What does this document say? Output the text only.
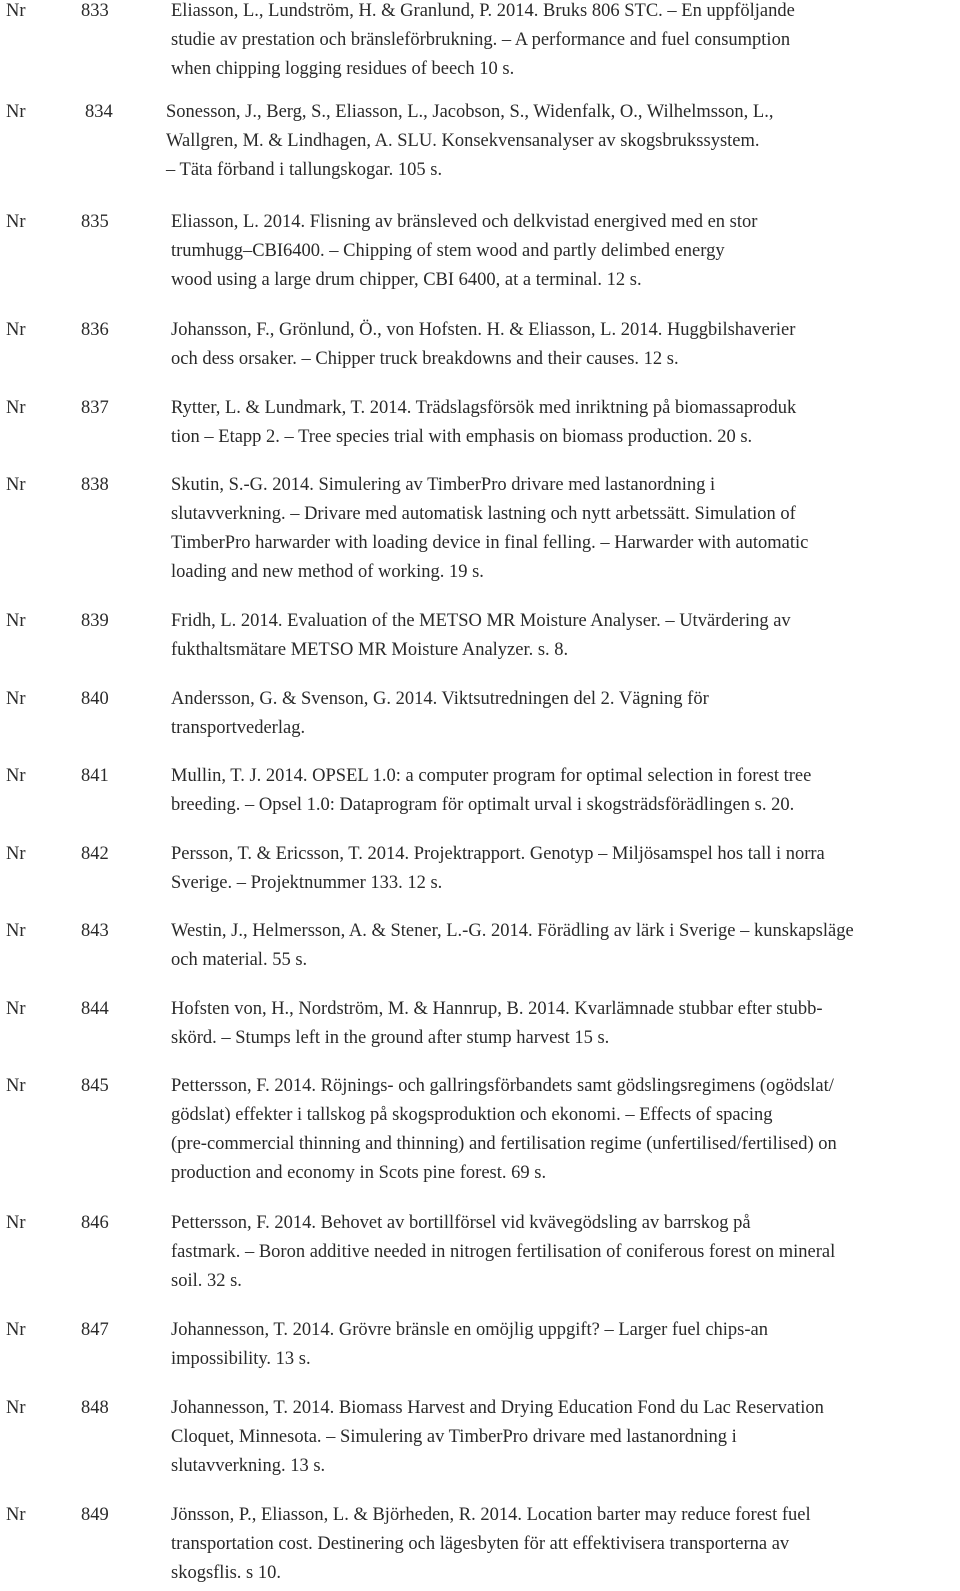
Nr	833	Eliasson, L., Lundström, H. & Granlund, P. 2014. Bruks 806 STC. – En uppföljande
studie av prestation och bränsleförbrukning. – A performance and fuel consumption
when chipping logging residues of beech 10 s.
Nr	834	Sonesson, J., Berg, S., Eliasson, L., Jacobson, S., Widenfalk, O., Wilhelmsson, L.,
Wallgren, M. & Lindhagen, A. SLU. Konsekvensanalyser av skogsbrukssystem.
– Täta förband i tallungskogar. 105 s.
Nr	835	Eliasson, L. 2014. Flisning av bränsleved och delkvistad energived med en stor
trumhugg–CBI6400. – Chipping of stem wood and partly delimbed energy
wood using a large drum chipper, CBI 6400, at a terminal. 12 s.
Nr	836	Johansson, F., Grönlund, Ö., von Hofsten. H. & Eliasson, L. 2014. Huggbilshaverier
och dess orsaker. – Chipper truck breakdowns and their causes. 12 s.
Nr	837	Rytter, L. & Lundmark, T. 2014. Trädslagsförsök med inriktning på biomassaproduk
tion – Etapp 2. – Tree species trial with emphasis on biomass production. 20 s.
Nr	838	Skutin, S.-G. 2014. Simulering av TimberPro drivare med lastanordning i
slutavverkning. – Drivare med automatisk lastning och nytt arbetssätt. Simulation of
TimberPro harwarder with loading device in final felling. – Harwarder with automatic
loading and new method of working. 19 s.
Nr	839	Fridh, L. 2014. Evaluation of the METSO MR Moisture Analyser. – Utvärdering av
fukthaltsmätare METSO MR Moisture Analyzer. s. 8.
Nr	840	Andersson, G. & Svenson, G. 2014. Viktsutredningen del 2. Vägning för
transportvederlag.
Nr	841	Mullin, T. J. 2014. OPSEL 1.0: a computer program for optimal selection in forest tree
breeding. – Opsel 1.0: Dataprogram för optimalt urval i skogsträdsförädlingen s. 20.
Nr	842	Persson, T. & Ericsson, T. 2014. Projektrapport. Genotyp – Miljösamspel hos tall i norra
Sverige. – Projektnummer 133. 12 s.
Nr	843	Westin, J., Helmersson, A. & Stener, L.-G. 2014. Förädling av lärk i Sverige – kunskapsläge
och material. 55 s.
Nr	844	Hofsten von, H., Nordström, M. & Hannrup, B. 2014. Kvarlämnade stubbar efter stubb-
skörd. – Stumps left in the ground after stump harvest 15 s.
Nr	845	Pettersson, F. 2014. Röjnings- och gallringsförbandets samt gödslingsregimens (ogödslat/
gödslat) effekter i tallskog på skogsproduktion och ekonomi. – Effects of spacing
(pre-commercial thinning and thinning) and fertilisation regime (unfertilised/fertilised) on
production and economy in Scots pine forest. 69 s.
Nr	846	Pettersson, F. 2014. Behovet av bortillförsel vid kvävegödsling av barrskog på
fastmark. – Boron additive needed in nitrogen fertilisation of coniferous forest on mineral
soil. 32 s.
Nr	847	Johannesson, T. 2014. Grövre bränsle en omöjlig uppgift? – Larger fuel chips-an
impossibility. 13 s.
Nr	848	Johannesson, T. 2014. Biomass Harvest and Drying Education Fond du Lac Reservation
Cloquet, Minnesota. – Simulering av TimberPro drivare med lastanordning i
slutavverkning. 13 s.
Nr	849	Jönsson, P., Eliasson, L. & Björheden, R. 2014. Location barter may reduce forest fuel
transportation cost. Destinering och lägesbyten för att effektivisera transporterna av
skogsflis. s 10.
